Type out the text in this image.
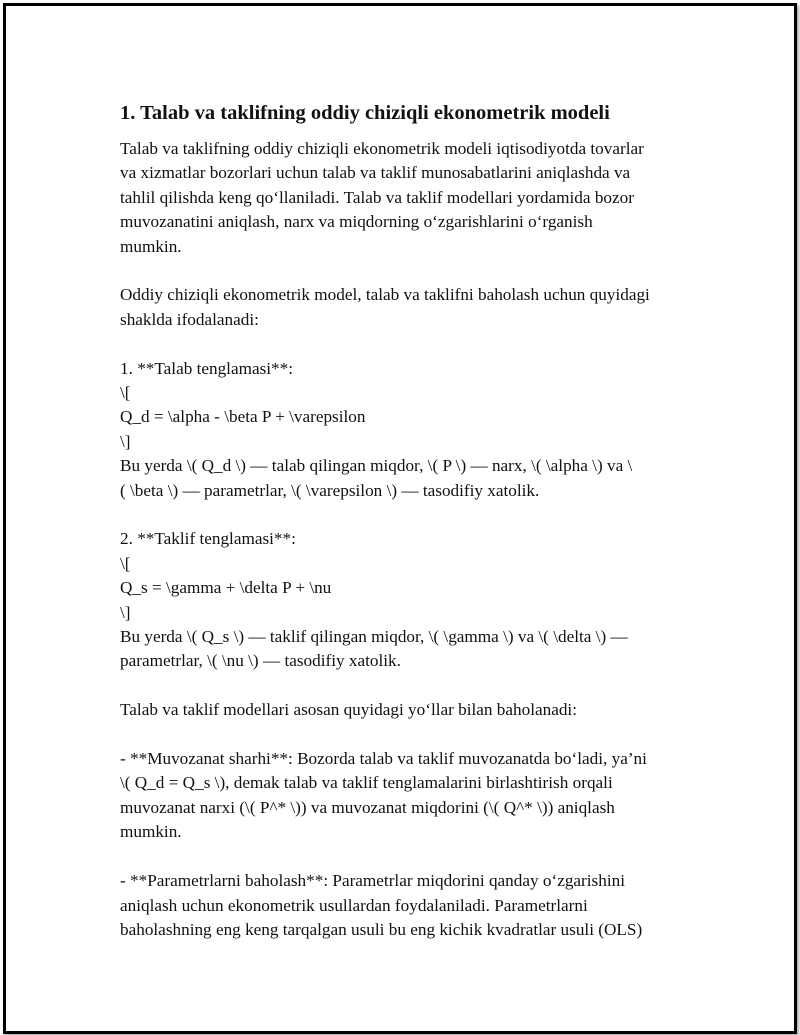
1. Talab va taklifning oddiy chiziqli ekonometrik modeli

Talab va taklifning oddiy chiziqli ekonometrik modeli iqtisodiyotda tovarlar
va xizmatlar bozorlari uchun talab va taklif munosabatlarini aniqlashda va
tahlil qilishda keng qo‘llaniladi. Talab va taklif modellari yordamida bozor
muvozanatini aniqlash, narx va miqdorning o‘zgarishlarini o‘rganish
mumkin.

Oddiy chiziqli ekonometrik model, talab va taklifni baholash uchun quyidagi
shaklda ifodalanadi:

1. **Talab tenglamasi**:
\[
Q_d = \alpha - \beta P + \varepsilon
\]
Bu yerda \( Q_d \) — talab qilingan miqdor, \( P \) — narx, \( \alpha \) va \
( \beta \) — parametrlar, \( \varepsilon \) — tasodifiy xatolik.

2. **Taklif tenglamasi**:
\[
Q_s = \gamma + \delta P + \nu
\]
Bu yerda \( Q_s \) — taklif qilingan miqdor, \( \gamma \) va \( \delta \) —
parametrlar, \( \nu \) — tasodifiy xatolik.

Talab va taklif modellari asosan quyidagi yo‘llar bilan baholanadi:

- **Muvozanat sharhi**: Bozorda talab va taklif muvozanatda bo‘ladi, ya’ni
\( Q_d = Q_s \), demak talab va taklif tenglamalarini birlashtirish orqali
muvozanat narxi (\( P^* \)) va muvozanat miqdorini (\( Q^* \)) aniqlash
mumkin.

- **Parametrlarni baholash**: Parametrlar miqdorini qanday o‘zgarishini
aniqlash uchun ekonometrik usullardan foydalaniladi. Parametrlarni
baholashning eng keng tarqalgan usuli bu eng kichik kvadratlar usuli (OLS)
